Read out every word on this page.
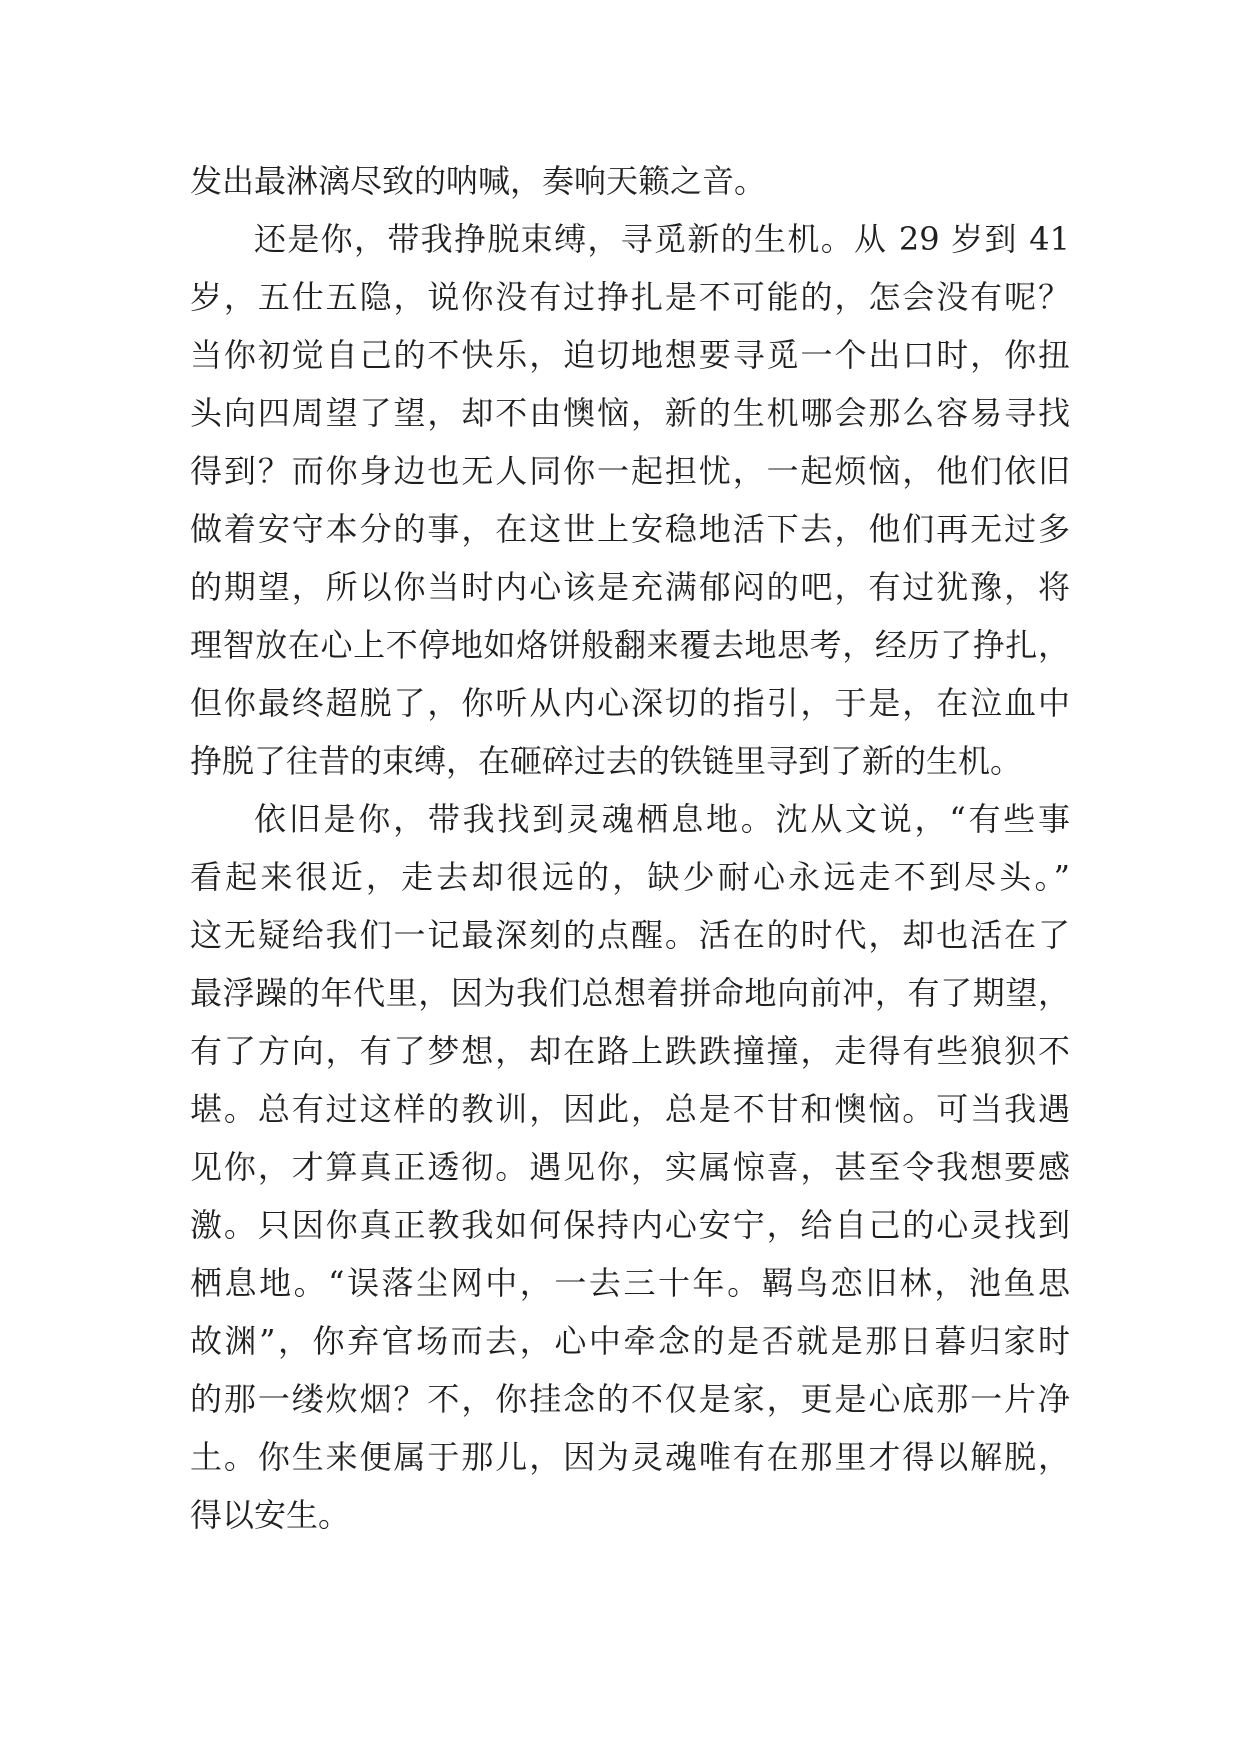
发出最淋漓尽致的呐喊，奏响天籁之音。
还是你，带我挣脱束缚，寻觅新的生机。从 29 岁到 41
岁，五仕五隐，说你没有过挣扎是不可能的，怎会没有呢？
当你初觉自己的不快乐，迫切地想要寻觅一个出口时，你扭
头向四周望了望，却不由懊恼，新的生机哪会那么容易寻找
得到？而你身边也无人同你一起担忧，一起烦恼，他们依旧
做着安守本分的事，在这世上安稳地活下去，他们再无过多
的期望，所以你当时内心该是充满郁闷的吧，有过犹豫，将
理智放在心上不停地如烙饼般翻来覆去地思考，经历了挣扎，
但你最终超脱了，你听从内心深切的指引，于是，在泣血中
挣脱了往昔的束缚，在砸碎过去的铁链里寻到了新的生机。
依旧是你，带我找到灵魂栖息地。沈从文说，“有些事
看起来很近，走去却很远的，缺少耐心永远走不到尽头。”
这无疑给我们一记最深刻的点醒。活在的时代，却也活在了
最浮躁的年代里，因为我们总想着拼命地向前冲，有了期望，
有了方向，有了梦想，却在路上跌跌撞撞，走得有些狼狈不
堪。总有过这样的教训，因此，总是不甘和懊恼。可当我遇
见你，才算真正透彻。遇见你，实属惊喜，甚至令我想要感
激。只因你真正教我如何保持内心安宁，给自己的心灵找到
栖息地。“误落尘网中，一去三十年。羁鸟恋旧林，池鱼思
故渊”，你弃官场而去，心中牵念的是否就是那日暮归家时
的那一缕炊烟？不，你挂念的不仅是家，更是心底那一片净
土。你生来便属于那儿，因为灵魂唯有在那里才得以解脱，
得以安生。
